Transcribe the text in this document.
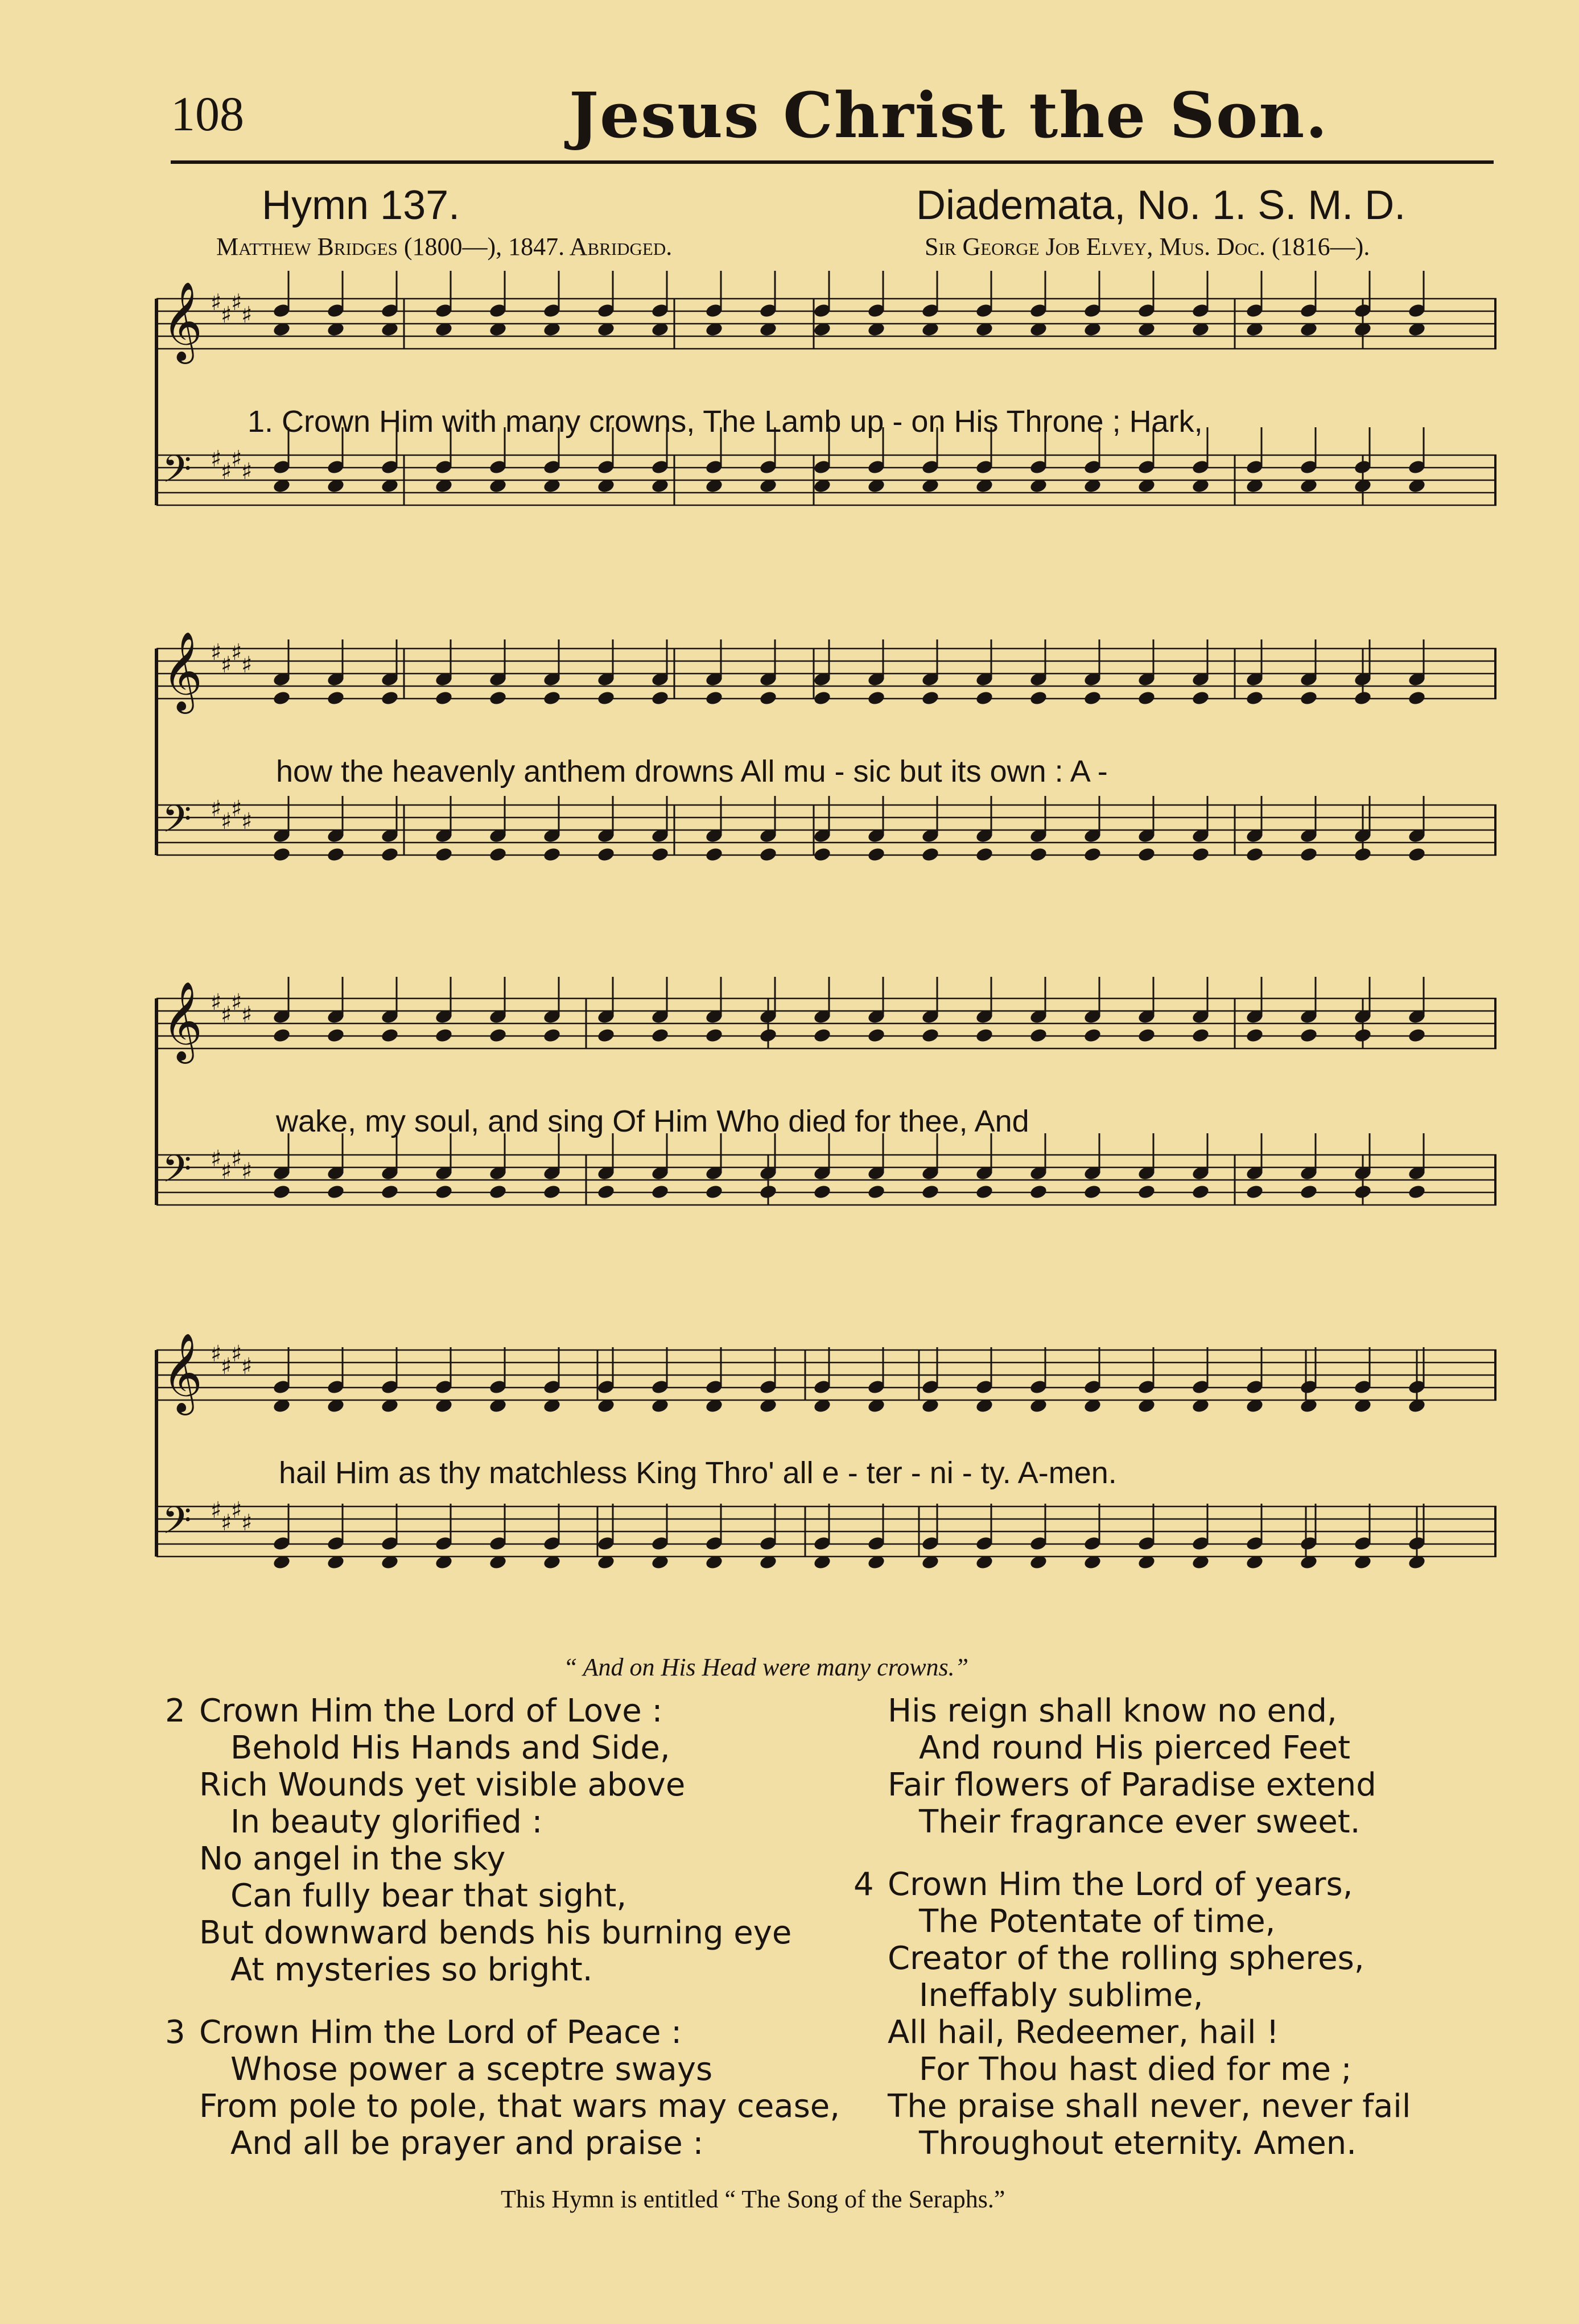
108	Jesus Christ the Son.
Hymn 137.	Diademata, No. 1. S. M. D.
Matthew Bridges (1800—), 1847. Abridged.	Sir George Job Elvey, Mus. Doc. (1816—).
𝄞 ♯
♯
♯
♯
𝄢 ♯
♯
♯
♯
𝄞 ♯
♯
♯
♯
𝄢 ♯
♯
♯
♯
𝄞 ♯
♯
♯
♯
𝄢 ♯
♯
♯
♯
𝄞 ♯
♯
♯
♯
𝄢 ♯
♯
♯
♯
1. Crown Him with many crowns, The Lamb up - on His Throne ; Hark,
how the heavenly anthem drowns All mu - sic but its own : A -
wake, my soul, and sing Of Him Who died for thee, And
hail Him as thy matchless King Thro' all e - ter - ni - ty. A-men.
“ And on His Head were many crowns.”
2 Crown Him the Lord of Love :
Behold His Hands and Side,
Rich Wounds yet visible above
In beauty glorified :
No angel in the sky
Can fully bear that sight,
But downward bends his burning eye
At mysteries so bright.
3 Crown Him the Lord of Peace :
Whose power a sceptre sways
From pole to pole, that wars may cease,
And all be prayer and praise :
His reign shall know no end,
And round His pierced Feet
Fair flowers of Paradise extend
Their fragrance ever sweet.
4 Crown Him the Lord of years,
The Potentate of time,
Creator of the rolling spheres,
Ineffably sublime,
All hail, Redeemer, hail !
For Thou hast died for me ;
The praise shall never, never fail
Throughout eternity. Amen.
This Hymn is entitled “ The Song of the Seraphs.”
